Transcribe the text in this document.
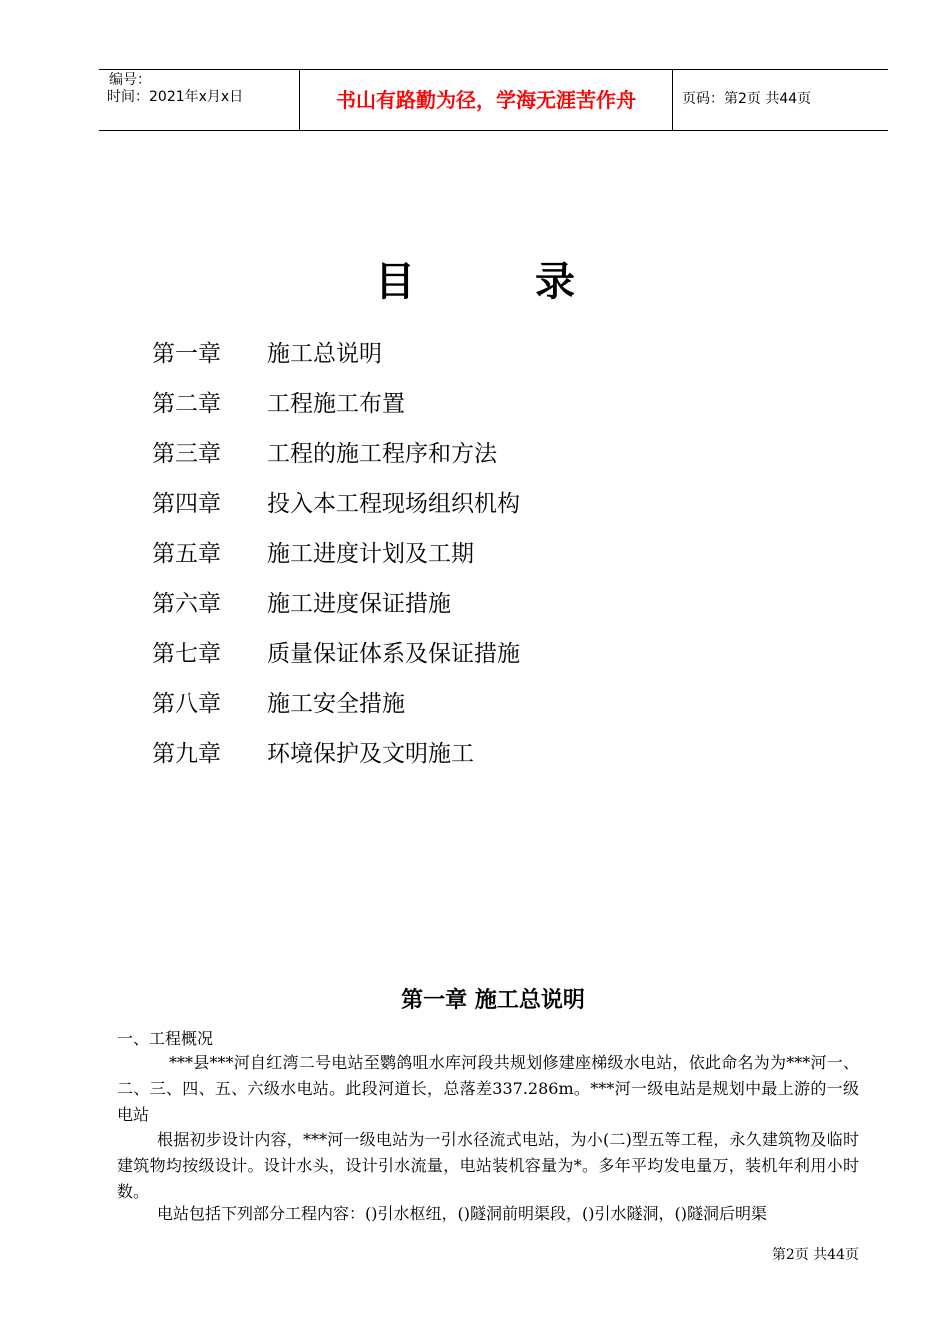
编号：
时间：2021年x月x日	书山有路勤为径，学海无涯苦作舟	页码：第2页 共44页
目录
第一章 施工总说明
第二章 工程施工布置
第三章 工程的施工程序和方法
第四章 投入本工程现场组织机构
第五章 施工进度计划及工期
第六章 施工进度保证措施
第七章 质量保证体系及保证措施
第八章 施工安全措施
第九章 环境保护及文明施工
第一章 施工总说明
一、工程概况

***县***河自红湾二号电站至鹦鸽咀水库河段共规划修建座梯级水电站，依此命名为为***河一、二、三、四、五、六级水电站。此段河道长，总落差337.286m。***河一级电站是规划中最上游的一级电站

根据初步设计内容，***河一级电站为一引水径流式电站，为小(二)型五等工程，永久建筑物及临时建筑物均按级设计。设计水头，设计引水流量，电站装机容量为*。多年平均发电量万，装机年利用小时数。

电站包括下列部分工程内容：()引水枢纽，()隧洞前明渠段，()引水隧洞，()隧洞后明渠

第2页 共44页
